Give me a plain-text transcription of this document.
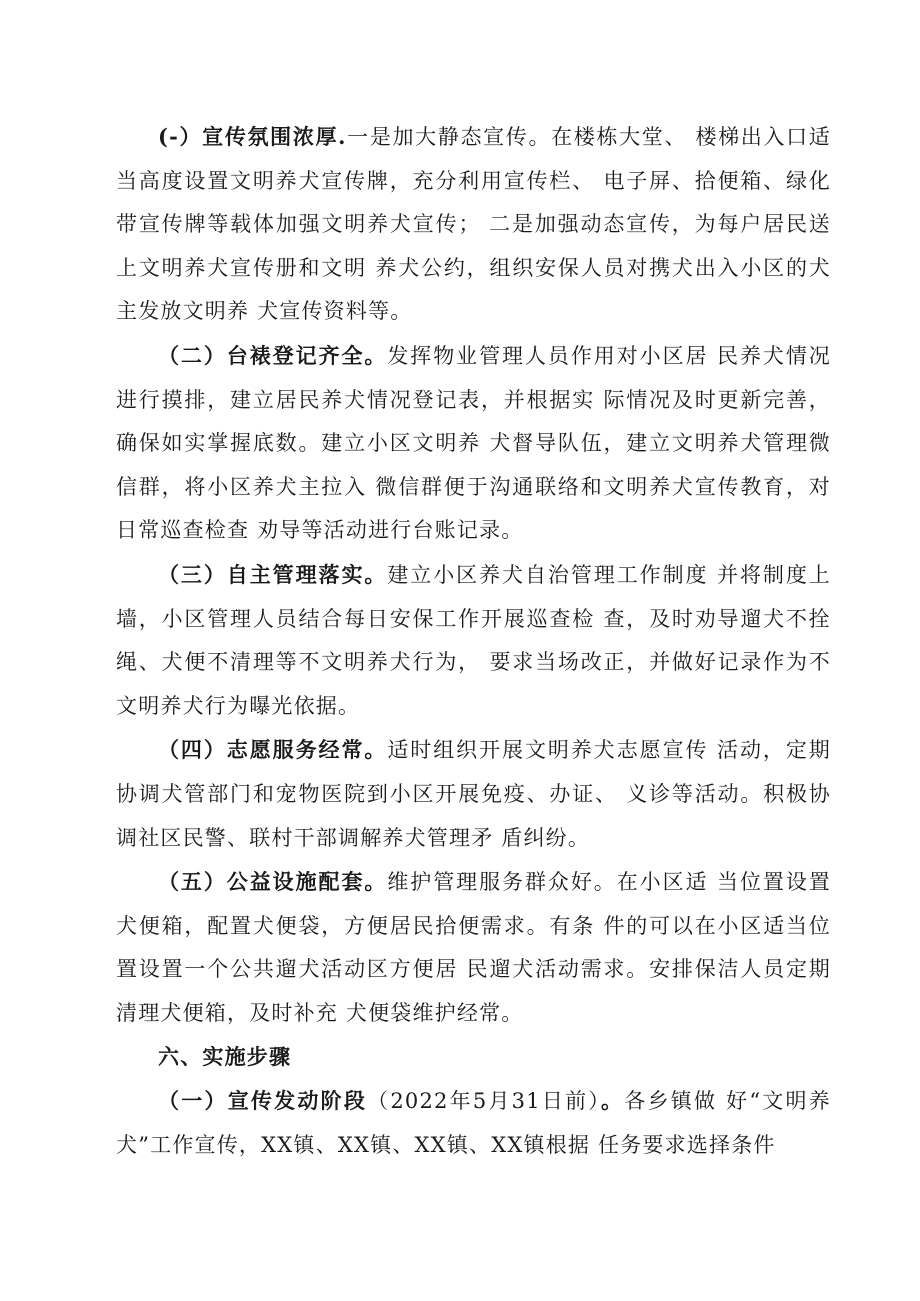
(-）宣传氛围浓厚.一是加大静态宣传。在楼栋大堂、 楼梯出入口适当高度设置文明养犬宣传牌，充分利用宣传栏、 电子屏、拾便箱、绿化带宣传牌等载体加强文明养犬宣传； 二是加强动态宣传，为每户居民送上文明养犬宣传册和文明 养犬公约，组织安保人员对携犬出入小区的犬主发放文明养 犬宣传资料等。

（二）台裱登记齐全。发挥物业管理人员作用对小区居 民养犬情况进行摸排，建立居民养犬情况登记表，并根据实 际情况及时更新完善，确保如实掌握底数。建立小区文明养 犬督导队伍，建立文明养犬管理微信群，将小区养犬主拉入 微信群便于沟通联络和文明养犬宣传教育，对日常巡查检查 劝导等活动进行台账记录。

（三）自主管理落实。建立小区养犬自治管理工作制度 并将制度上墙，小区管理人员结合每日安保工作开展巡查检 查，及时劝导遛犬不拴绳、犬便不清理等不文明养犬行为， 要求当场改正，并做好记录作为不文明养犬行为曝光依据。

（四）志愿服务经常。适时组织开展文明养犬志愿宣传 活动，定期协调犬管部门和宠物医院到小区开展免疫、办证、 义诊等活动。积极协调社区民警、联村干部调解养犬管理矛 盾纠纷。

（五）公益设施配套。维护管理服务群众好。在小区适 当位置设置犬便箱，配置犬便袋，方便居民拾便需求。有条 件的可以在小区适当位置设置一个公共遛犬活动区方便居 民遛犬活动需求。安排保洁人员定期清理犬便箱，及时补充 犬便袋维护经常。

六、实施步骤

（一）宣传发动阶段（2022年5月31日前）。各乡镇做 好“文明养犬”工作宣传，XX镇、XX镇、XX镇、XX镇根据 任务要求选择条件
